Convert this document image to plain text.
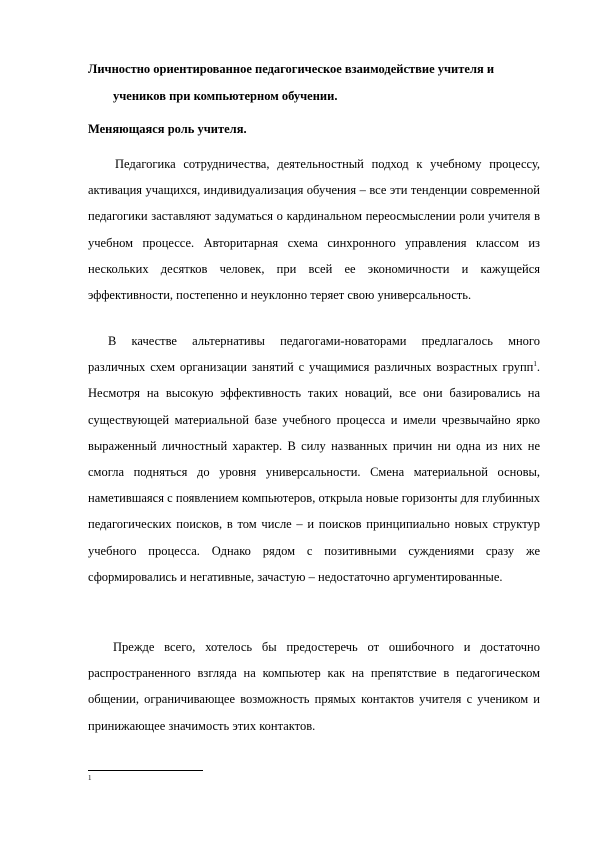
Личностно ориентированное педагогическое взаимодействие учителя и
учеников при компьютерном обучении.

Меняющаяся роль учителя.

Педагогика сотрудничества, деятельностный подход к учебному процессу, активация учащихся, индивидуализация обучения – все эти тенденции современной педагогики заставляют задуматься о кардинальном переосмыслении роли учителя в учебном процессе. Авторитарная схема синхронного управления классом из нескольких десятков человек, при всей ее экономичности и кажущейся эффективности, постепенно и неуклонно теряет свою универсальность.

В качестве альтернативы педагогами-новаторами предлагалось много различных схем организации занятий с учащимися различных возрастных групп$^1$. Несмотря на высокую эффективность таких новаций, все они базировались на существующей материальной базе учебного процесса и имели чрезвычайно ярко выраженный личностный характер. В силу названных причин ни одна из них не смогла подняться до уровня универсальности. Смена материальной основы, наметившаяся с появлением компьютеров, открыла новые горизонты для глубинных педагогических поисков, в том числе – и поисков принципиально новых структур учебного процесса. Однако рядом с позитивными суждениями сразу же сформировались и негативные, зачастую – недостаточно аргументированные.

Прежде всего, хотелось бы предостеречь от ошибочного и достаточно распространенного взгляда на компьютер как на препятствие в педагогическом общении, ограничивающее возможность прямых контактов учителя с учеником и принижающее значимость этих контактов.

1
